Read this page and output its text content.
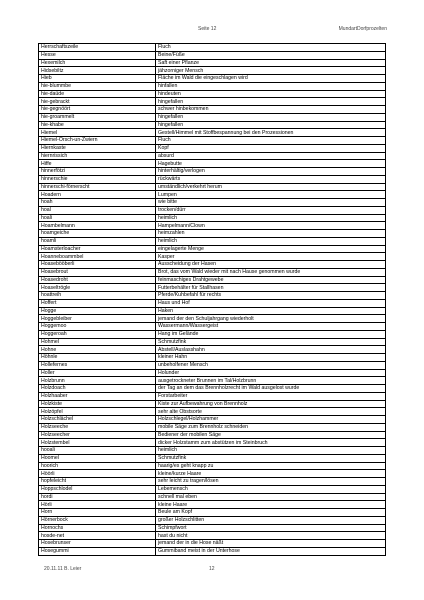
Seite 12	MundartDorfprozelten
Herrschaftszeile	Fluch
Hesse	Beine/Füße
Hexemilch	Saft einer Pflanze
Hidsebiltz	jähzorniger Mensch
Hieb	Fläche im Wald die eingeschlagen wird
hie-blummbe	hinfallen
hie-daüde	hindeuten
hie-gebrackt	hingefallen
hie-gegnöört	schwer hinbekommen
hie-groammelt	hingefallen
hie-khabe	hingefallen
Hiemel	Gestell/Himmel mit Stoffbespannung bei den Prozessionen
Hiemel-Orsch-un-Zwiern	Fluch
Hiernkaste	Kopf
hiernrissich	absurd
Hiffe	Hagebutte
hinnerfötzi	hinterhältig/verlogen
hinnerschie	rückwärts
hinnerschi-förnerscht	umständlich/verkehrt herum
Hoadern	Lumpen
hoah	wie bitte
hoal	trocken/dürr
hoali	heimlich
Hoambelmann	Hampelmann/Clown
hoamgeiche	heimzahlen
hoamli	heimlich
Hoamsterloacher	eingelagerte Menge
Hoanneboammbel	Kasper
Hoasebööberli	Ausscheidung der Hasen
Hoasebrout	Brot, das vom Wald wieder mit nach Hause genommen wurde
Hoasedroht	feinmaschiges Drahtgewebe
Hoaseltrögle	Futterbehälter für Stallhasen
hoattreih	Pferde/Kuhbefahl für rechts
Hoffert	Haus und Hof
Hogge	Haken
Hoggebleiber	jemand der den Schuljahrgang wiederholt
Hoggemoo	Wassermann/Wassergeist
Hoggeroah	Hang im Gelände
Hohmel	Schmutzfink
Hohne	Abstell/Auslasshahn
Höhnle	kleiner Hahn
Hollefernes	unbeholfener Mensch
Holler	Holunder
Holzbrunn	ausgetrockneter Brunnen im Tal/Holzbrunn
Holzdoach	der Tag an dem das Brennholzrecht im Wald ausgelost wurde
Holzhaaber	Forstarbeiter
Holzkiste	Kiste zur Aufbewahrung von Brennholz
Holzöpfel	sehr alte Obstsorte
Holzschlächel	Holzschlegel/Holzhammer
Holzseeche	mobile Säge zum Brennholz schneiden
Holzseecher	Bediener der mobilen Säge
Holzstembel	dicker Holzstamm zum abstützen im Steinbruch
hooali	heimlich
Hoomel	Schmutzfink
hoorich	haarig/es geht knapp zu
Höörli	kleine/kurze Haare
hopfeleicht	sehr leicht zu tragen/lösen
Hoppschlodel	Lebemensch
hordi	schnell mal eben
Hörli	kleine Haare
Horn	Beule am Kopf
Hörnerbock	großer Holzschlitten
Hornochs	Schimpfwort
hosde-net	hast du nicht
Hosebrunser	jemand der in die Hose näßt
Hosegummi	Gummiband meist in der Unterhose
20.11.11 B. Leier	12
